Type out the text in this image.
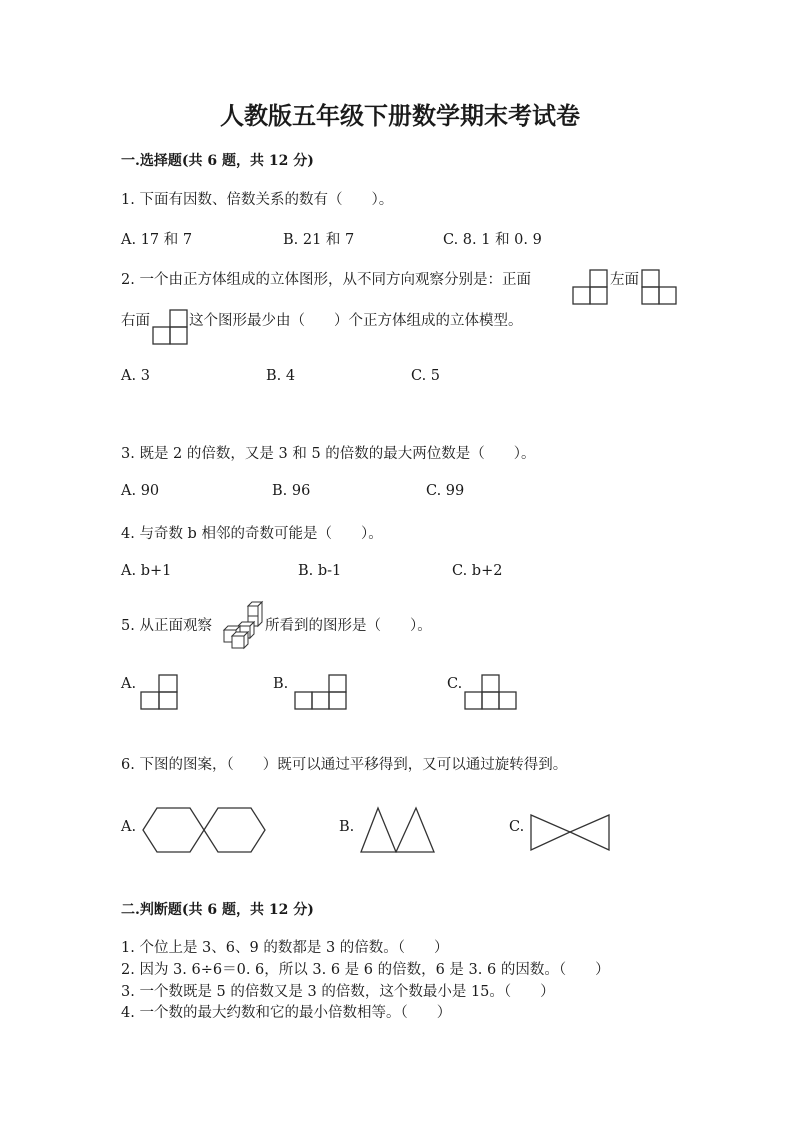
人教版五年级下册数学期末考试卷
一.选择题(共 6 题，共 12 分)
1. 下面有因数、倍数关系的数有（　　）。
A. 17 和 7	B. 21 和 7	C. 8. 1 和 0. 9
2. 一个由正方体组成的立体图形，从不同方向观察分别是：正面	左面
右面	这个图形最少由（　　）个正方体组成的立体模型。
A. 3	B. 4	C. 5
3. 既是 2 的倍数，又是 3 和 5 的倍数的最大两位数是（　　）。
A. 90	B. 96	C. 99
4. 与奇数 b 相邻的奇数可能是（　　）。
A. b+1	B. b-1	C. b+2
5. 从正面观察	所看到的图形是（　　）。
A.	B.	C.
6. 下图的图案，（　　）既可以通过平移得到，又可以通过旋转得到。
A.	B.	C.
二.判断题(共 6 题，共 12 分)
1. 个位上是 3、6、9 的数都是 3 的倍数。（　　）
2. 因为 3. 6÷6＝0. 6，所以 3. 6 是 6 的倍数，6 是 3. 6 的因数。（　　）
3. 一个数既是 5 的倍数又是 3 的倍数，这个数最小是 15。（　　）
4. 一个数的最大约数和它的最小倍数相等。（　　）
